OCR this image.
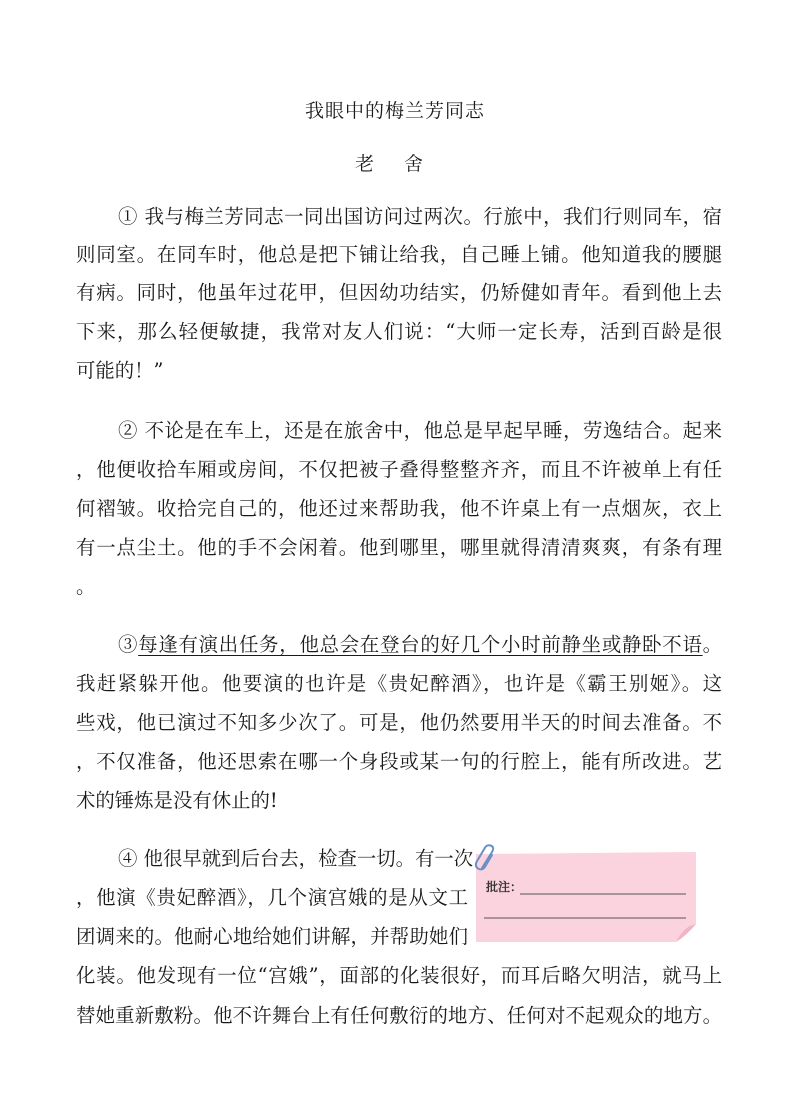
我眼中的梅兰芳同志
老 舍
① 我与梅兰芳同志一同出国访问过两次。行旅中，我们行则同车，宿
则同室。在同车时，他总是把下铺让给我，自己睡上铺。他知道我的腰腿
有病。同时，他虽年过花甲，但因幼功结实，仍矫健如青年。看到他上去
下来，那么轻便敏捷，我常对友人们说：“大师一定长寿，活到百龄是很
可能的！”
② 不论是在车上，还是在旅舍中，他总是早起早睡，劳逸结合。起来
，他便收拾车厢或房间，不仅把被子叠得整整齐齐，而且不许被单上有任
何褶皱。收拾完自己的，他还过来帮助我，他不许桌上有一点烟灰，衣上
有一点尘土。他的手不会闲着。他到哪里，哪里就得清清爽爽，有条有理
。
③每逢有演出任务，他总会在登台的好几个小时前静坐或静卧不语。
我赶紧躲开他。他要演的也许是《贵妃醉酒》，也许是《霸王别姬》。这
些戏，他已演过不知多少次了。可是，他仍然要用半天的时间去准备。不
，不仅准备，他还思索在哪一个身段或某一句的行腔上，能有所改进。艺
术的锤炼是没有休止的!
④ 他很早就到后台去，检查一切。有一次
，他演《贵妃醉酒》，几个演宫娥的是从文工
团调来的。他耐心地给她们讲解，并帮助她们
化装。他发现有一位“宫娥”，面部的化装很好，而耳后略欠明洁，就马上
替她重新敷粉。他不许舞台上有任何敷衍的地方、任何对不起观众的地方。
批注：
